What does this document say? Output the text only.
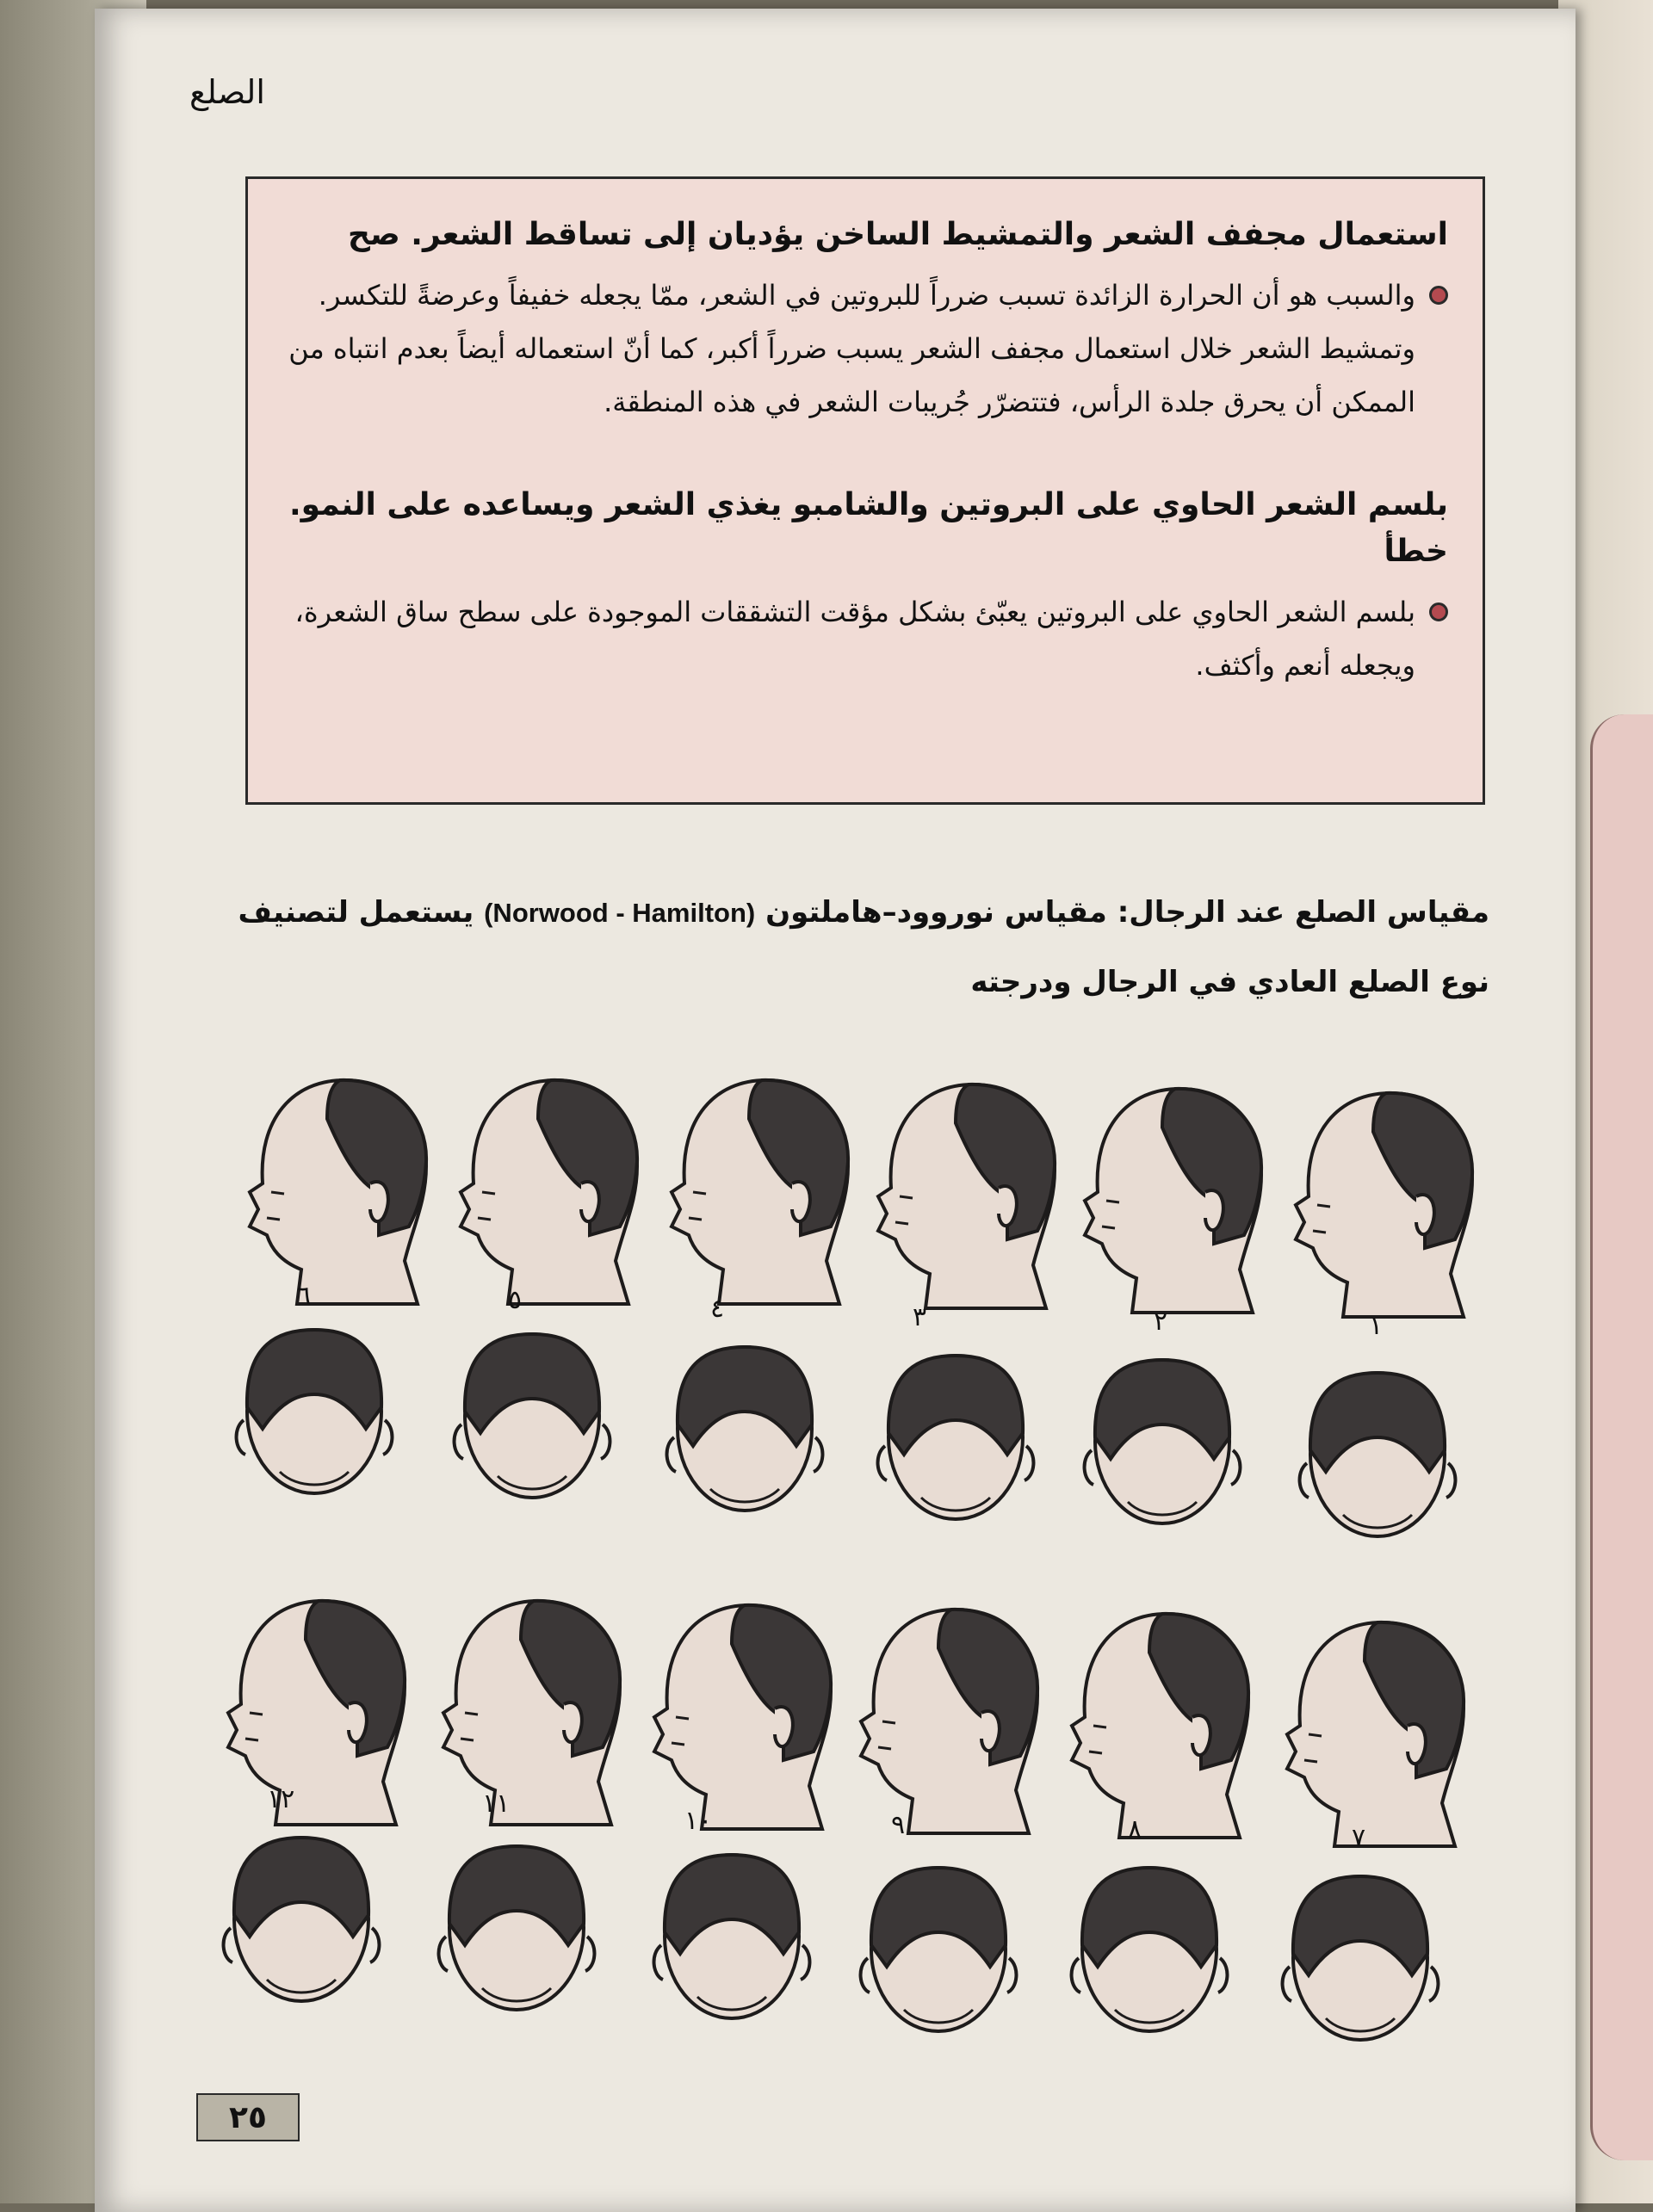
الصلع

استعمال مجفف الشعر والتمشيط الساخن يؤديان إلى تساقط الشعر. صح

والسبب هو أن الحرارة الزائدة تسبب ضرراً للبروتين في الشعر، ممّا يجعله خفيفاً وعرضةً للتكسر. وتمشيط الشعر خلال استعمال مجفف الشعر يسبب ضرراً أكبر، كما أنّ استعماله أيضاً بعدم انتباه من الممكن أن يحرق جلدة الرأس، فتتضرّر جُريبات الشعر في هذه المنطقة.

بلسم الشعر الحاوي على البروتين والشامبو يغذي الشعر ويساعده على النمو. خطأ

بلسم الشعر الحاوي على البروتين يعبّئ بشكل مؤقت التشققات الموجودة على سطح ساق الشعرة، ويجعله أنعم وأكثف.

مقياس الصلع عند الرجال: مقياس نوروود–هاملتون (Norwood - Hamilton) يستعمل لتصنيف نوع الصلع العادي في الرجال ودرجته
١
٢
٣
٤
٥
٦
٧
٨
٩
١٠
١١
١٢
٢٥
